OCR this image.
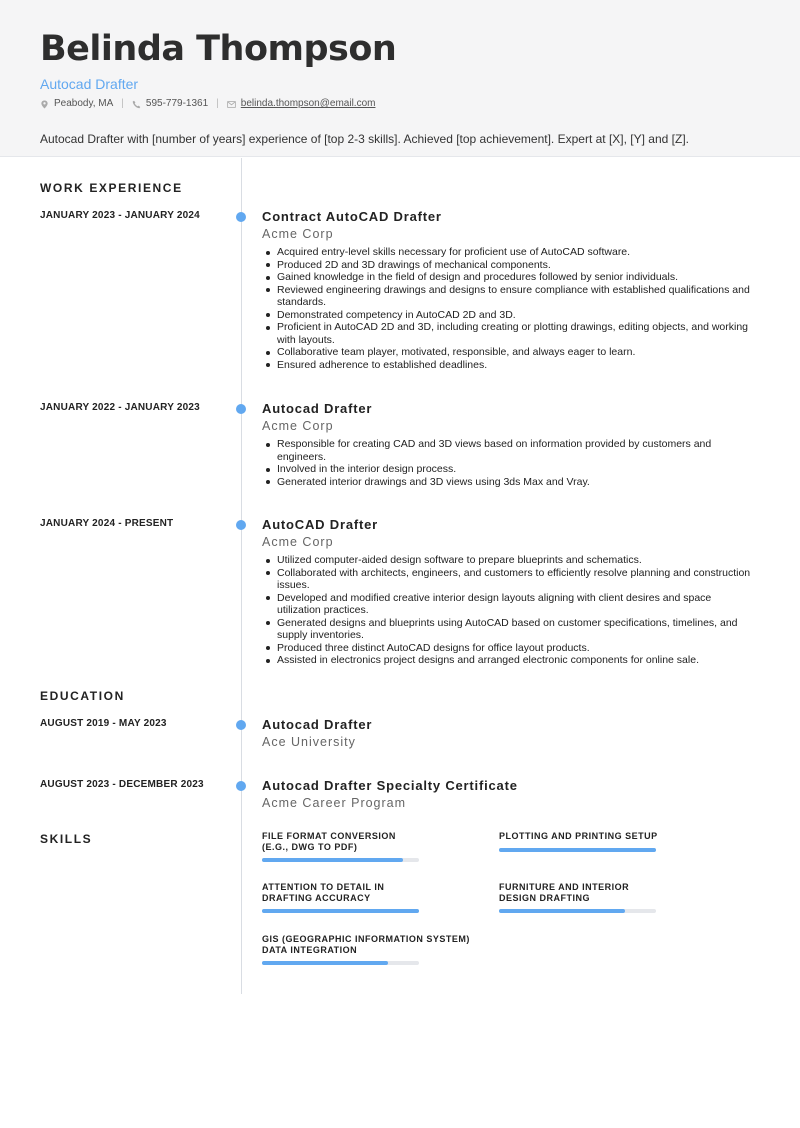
Belinda Thompson
Autocad Drafter
Peabody, MA | 595-779-1361 | belinda.thompson@email.com
Autocad Drafter with [number of years] experience of [top 2-3 skills]. Achieved [top achievement]. Expert at [X], [Y] and [Z].
WORK EXPERIENCE
JANUARY 2023 - JANUARY 2024	Contract AutoCAD Drafter
Acme Corp
Acquired entry-level skills necessary for proficient use of AutoCAD software.
Produced 2D and 3D drawings of mechanical components.
Gained knowledge in the field of design and procedures followed by senior individuals.
Reviewed engineering drawings and designs to ensure compliance with established qualifications and standards.
Demonstrated competency in AutoCAD 2D and 3D.
Proficient in AutoCAD 2D and 3D, including creating or plotting drawings, editing objects, and working with layouts.
Collaborative team player, motivated, responsible, and always eager to learn.
Ensured adherence to established deadlines.
JANUARY 2022 - JANUARY 2023	Autocad Drafter
Acme Corp
Responsible for creating CAD and 3D views based on information provided by customers and engineers.
Involved in the interior design process.
Generated interior drawings and 3D views using 3ds Max and Vray.
JANUARY 2024 - PRESENT	AutoCAD Drafter
Acme Corp
Utilized computer-aided design software to prepare blueprints and schematics.
Collaborated with architects, engineers, and customers to efficiently resolve planning and construction issues.
Developed and modified creative interior design layouts aligning with client desires and space utilization practices.
Generated designs and blueprints using AutoCAD based on customer specifications, timelines, and supply inventories.
Produced three distinct AutoCAD designs for office layout products.
Assisted in electronics project designs and arranged electronic components for online sale.
EDUCATION
AUGUST 2019 - MAY 2023	Autocad Drafter
Ace University
AUGUST 2023 - DECEMBER 2023	Autocad Drafter Specialty Certificate
Acme Career Program
SKILLS	FILE FORMAT CONVERSION (E.G., DWG TO PDF)
PLOTTING AND PRINTING SETUP
ATTENTION TO DETAIL IN DRAFTING ACCURACY
FURNITURE AND INTERIOR DESIGN DRAFTING
GIS (GEOGRAPHIC INFORMATION SYSTEM) DATA INTEGRATION
